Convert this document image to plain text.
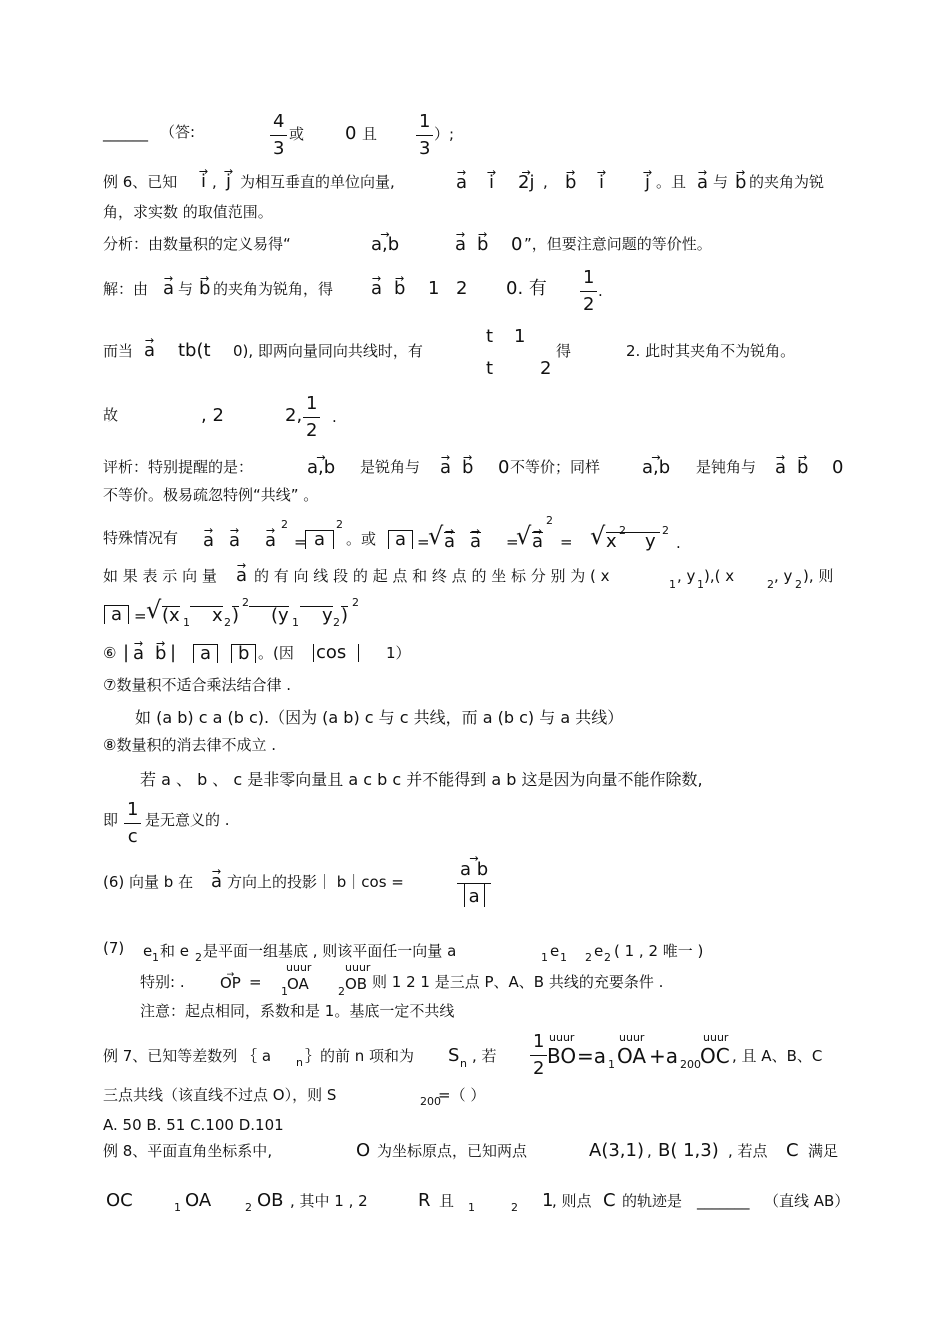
______ （答:	$\frac{4}{3}$ 或 0 且 $\frac{1}{3}$ ）;
例 6、已知 → i , → j 为相互垂直的单位向量,	→ a → i → 2j , → b → i → j 。且 → a 与 → b 的夹角为锐
角，求实数 的取值范围。
分析：由数量积的定义易得“	→ a,b	→ a → b 0 ”，但要注意问题的等价性。
解：由 → a 与 → b 的夹角为锐角，得 → a → b 1 2 0. 有 $\frac{1}{2}$ .
而当 → a tb(t 0), 即两向量同向共线时，有
t 1
t	2
得	2. 此时其夹角不为锐角。
故	, 2	2, $\frac{1}{2}$ .
评析：特别提醒的是：	→ a,b 是锐角与 → a → b 0 不等价；同样 → a,b 是钝角与 → a → b 0
不等价。极易疏忽特例“共线” 。
特殊情况有 → a → a → a
2
= a
2
。或	a =
√ → a → a =
√ → a
2
= √ x
2
y
2
.
如 果 表 示 向 量 → a 的 有 向 线 段 的 起 点 和 终 点 的 坐 标 分 别 为 ( x	1 , y 1 ),( x	2 , y 2 ), 则
a = √ (x 1	x 2 )
2
(y 1	y 2 )
2
⑥ | → a → b |	a	b 。(因 cos	1）
⑦数量积不适合乘法结合律 .
如 (a b) c a (b c).（因为 (a b) c 与 c 共线，而 a (b c) 与 a 共线）
⑧数量积的消去律不成立 .
若 a 、 b 、 c 是非零向量且 a c b c 并不能得到 a b 这是因为向量不能作除数,
即 $\frac{1}{c}$ 是无意义的 .
(6) 向量 b 在 → a 方向上的投影｜ b｜cos =	→ $\frac{\text{a b}}{a}$
(7) e 1 和 e 2 是平面一组基底 , 则该平面任一向量 a	1 e 1 2 e 2 ( 1 , 2 唯一 )
特别: . → OP =
uuur
1 OA
uuur
2 OB 则 1 2 1 是三点 P、A、B 共线的充要条件 .
注意：起点相同，系数和是 1。基底一定不共线
例 7、已知等差数列 ｛ a n ｝的前 n 项和为 S n , 若 $\frac{1}{2}$ uuur
BO =a 1
uuur
OA +a 200
uuur
OC , 且 A、B、C
三点共线（该直线不过点 O），则 S	200
=（ ）
A. 50 B. 51 C.100 D.101
例 8、平面直角坐标系中,	O 为坐标原点，已知两点	A(3,1) , B( 1,3) , 若点 C 满足
OC	1 OA	2 OB , 其中 1 , 2	R 且 1	2 1
, 则点 C 的轨迹是 _______ （直线 AB）
